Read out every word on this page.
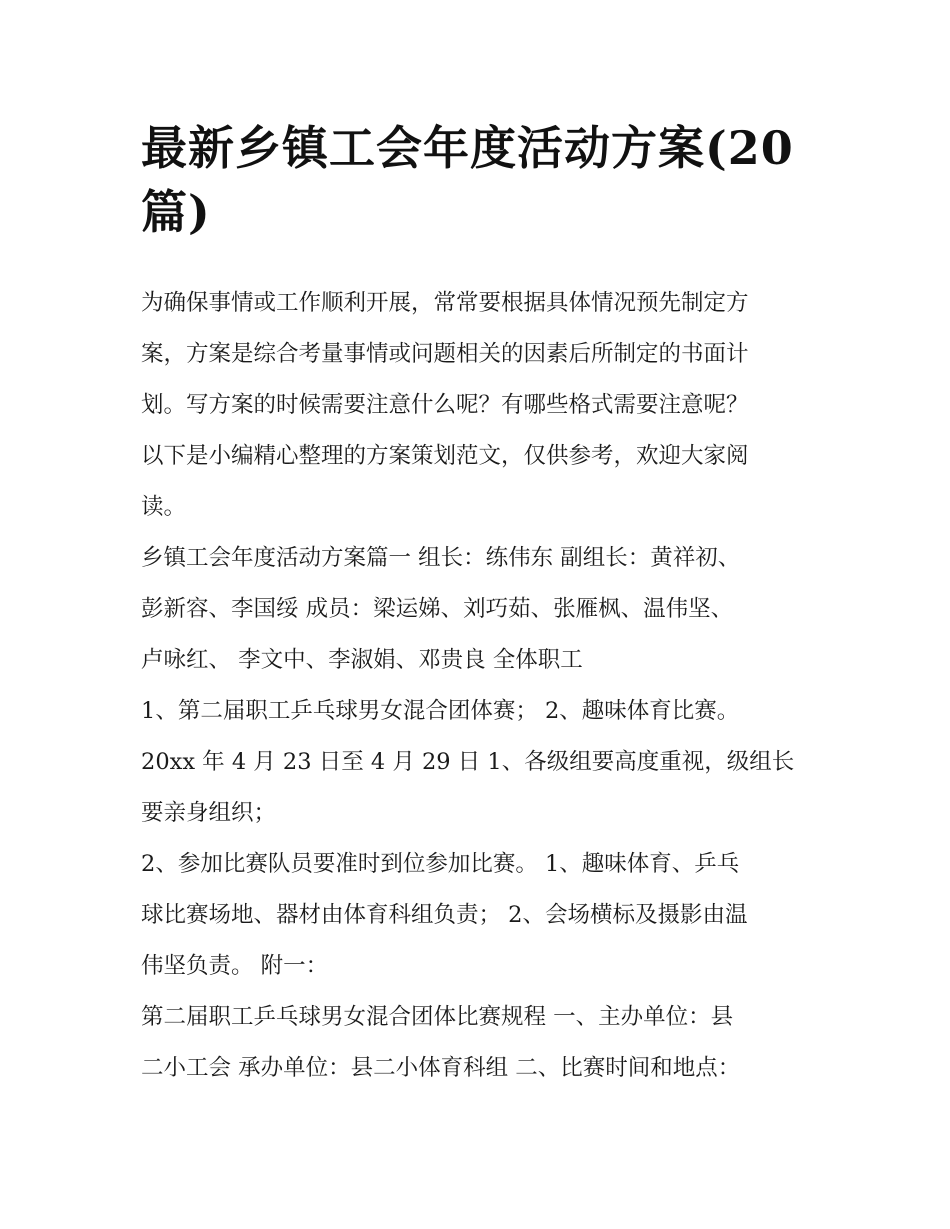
最新乡镇工会年度活动方案(20
篇)
为确保事情或工作顺利开展，常常要根据具体情况预先制定方
案，方案是综合考量事情或问题相关的因素后所制定的书面计
划。写方案的时候需要注意什么呢？有哪些格式需要注意呢？
以下是小编精心整理的方案策划范文，仅供参考，欢迎大家阅
读。
乡镇工会年度活动方案篇一 组长：练伟东 副组长：黄祥初、
彭新容、李国绥 成员：梁运娣、刘巧茹、张雁枫、温伟坚、
卢咏红、 李文中、李淑娟、邓贵良 全体职工
1、第二届职工乒乓球男女混合团体赛； 2、趣味体育比赛。
20xx 年 4 月 23 日至 4 月 29 日 1、各级组要高度重视，级组长
要亲身组织；
2、参加比赛队员要准时到位参加比赛。 1、趣味体育、乒乓
球比赛场地、器材由体育科组负责； 2、会场横标及摄影由温
伟坚负责。 附一：
第二届职工乒乓球男女混合团体比赛规程 一、主办单位：县
二小工会 承办单位：县二小体育科组 二、比赛时间和地点：
